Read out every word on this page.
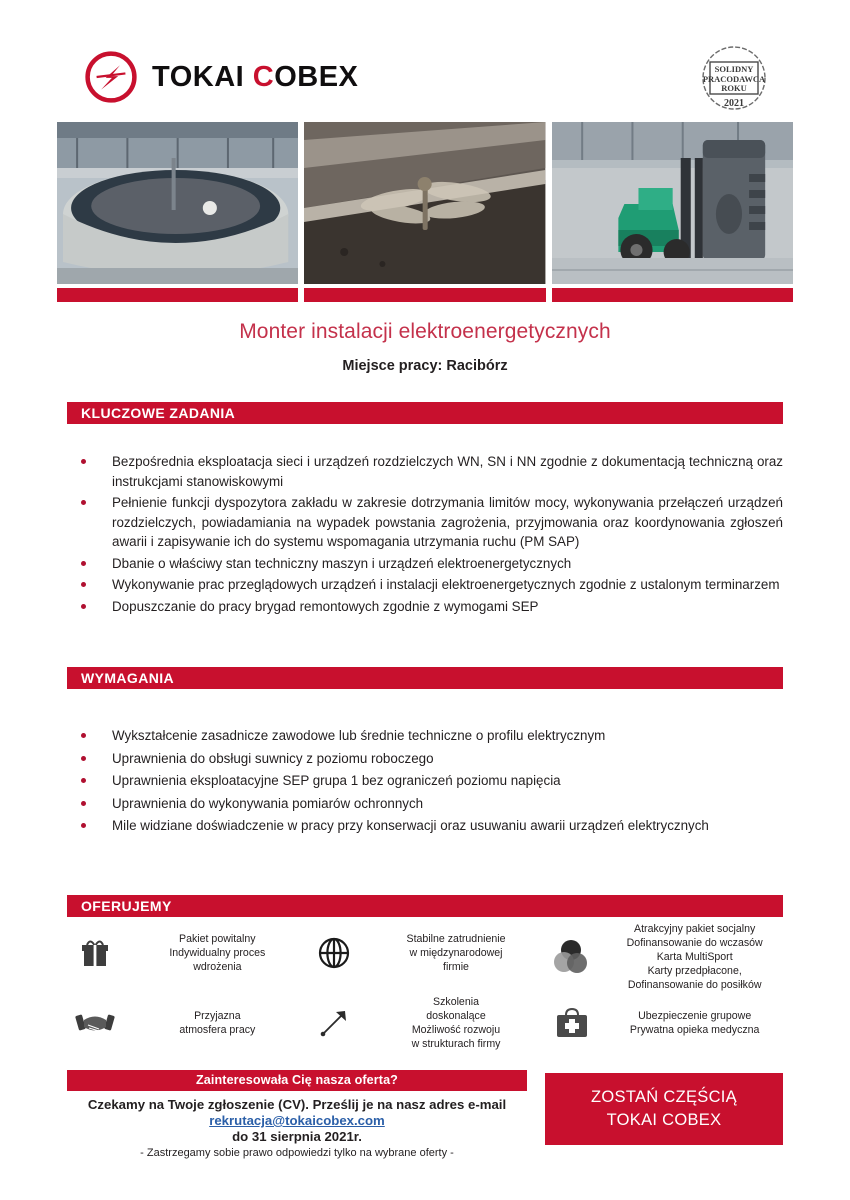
TOKAI COBEX	SOLIDNY
PRACODAWCA
ROKU
2021
Monter instalacji elektroenergetycznych
Miejsce pracy: Racibórz
KLUCZOWE ZADANIA
Bezpośrednia eksploatacja sieci i urządzeń rozdzielczych WN, SN i NN zgodnie z dokumentacją techniczną oraz instrukcjami stanowiskowymi
Pełnienie funkcji dyspozytora zakładu w zakresie dotrzymania limitów mocy, wykonywania przełączeń urządzeń rozdzielczych, powiadamiania na wypadek powstania zagrożenia, przyjmowania oraz koordynowania zgłoszeń awarii i zapisywanie ich do systemu wspomagania utrzymania ruchu (PM SAP)
Dbanie o właściwy stan techniczny maszyn i urządzeń elektroenergetycznych
Wykonywanie prac przeglądowych urządzeń i instalacji elektroenergetycznych zgodnie z ustalonym terminarzem
Dopuszczanie do pracy brygad remontowych zgodnie z wymogami SEP
WYMAGANIA
Wykształcenie zasadnicze zawodowe lub średnie techniczne o profilu elektrycznym
Uprawnienia do obsługi suwnicy z poziomu roboczego
Uprawnienia eksploatacyjne SEP grupa 1 bez ograniczeń poziomu napięcia
Uprawnienia do wykonywania pomiarów ochronnych
Mile widziane doświadczenie w pracy przy konserwacji oraz usuwaniu awarii urządzeń elektrycznych
OFERUJEMY
Pakiet powitalny
Indywidualny proces
wdrożenia
Stabilne zatrudnienie
w międzynarodowej
firmie
Atrakcyjny pakiet socjalny
Dofinansowanie do wczasów
Karta MultiSport
Karty przedpłacone,
Dofinansowanie do posiłków
Przyjazna
atmosfera pracy
Szkolenia
doskonalące
Możliwość rozwoju
w strukturach firmy
Ubezpieczenie grupowe
Prywatna opieka medyczna
Zainteresowała Cię nasza oferta?
Czekamy na Twoje zgłoszenie (CV). Prześlij je na nasz adres e-mail
rekrutacja@tokaicobex.com
do 31 sierpnia 2021r.
- Zastrzegamy sobie prawo odpowiedzi tylko na wybrane oferty -
ZOSTAŃ CZĘŚCIĄ
TOKAI COBEX
